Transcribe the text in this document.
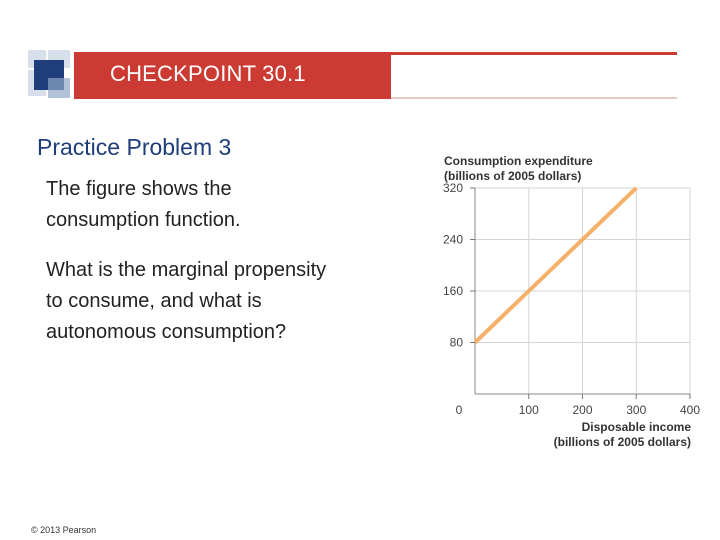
CHECKPOINT 30.1
Practice Problem 3
The figure shows the
consumption function.
What is the marginal propensity
to consume, and what is
autonomous consumption?
© 2013 Pearson
Consumption expenditure
(billions of 2005 dollars)
100	200	300	400
80
160
240
320
0
Disposable income
(billions of 2005 dollars)
